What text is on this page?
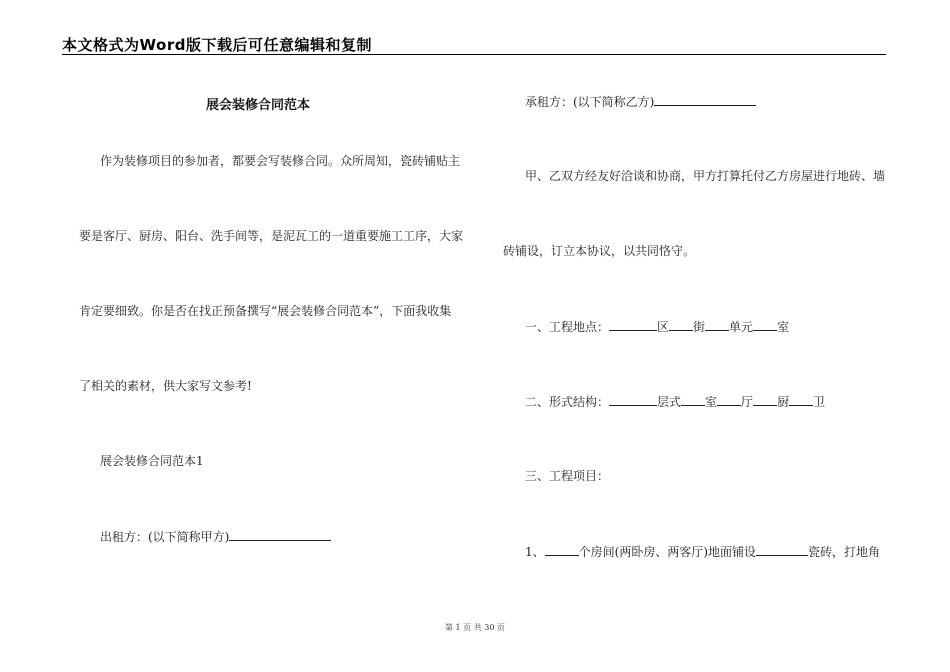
本文格式为Word版下载后可任意编辑和复制
展会装修合同范本
作为装修项目的参加者，都要会写装修合同。众所周知，瓷砖铺贴主
要是客厅、厨房、阳台、洗手间等，是泥瓦工的一道重要施工工序，大家
肯定要细致。你是否在找正预备撰写“展会装修合同范本”，下面我收集
了相关的素材，供大家写文参考!
展会装修合同范本1
出租方：(以下简称甲方)
承租方：(以下简称乙方)
甲、乙双方经友好洽谈和协商，甲方打算托付乙方房屋进行地砖、墙
砖铺设，订立本协议，以共同恪守。
一、工程地点：	区 街 单元 室
二、形式结构：	层式 室 厅 厨 卫
三、工程项目：
1、	个房间(两卧房、两客厅)地面铺设	瓷砖，打地角
第 1 页 共 30 页
